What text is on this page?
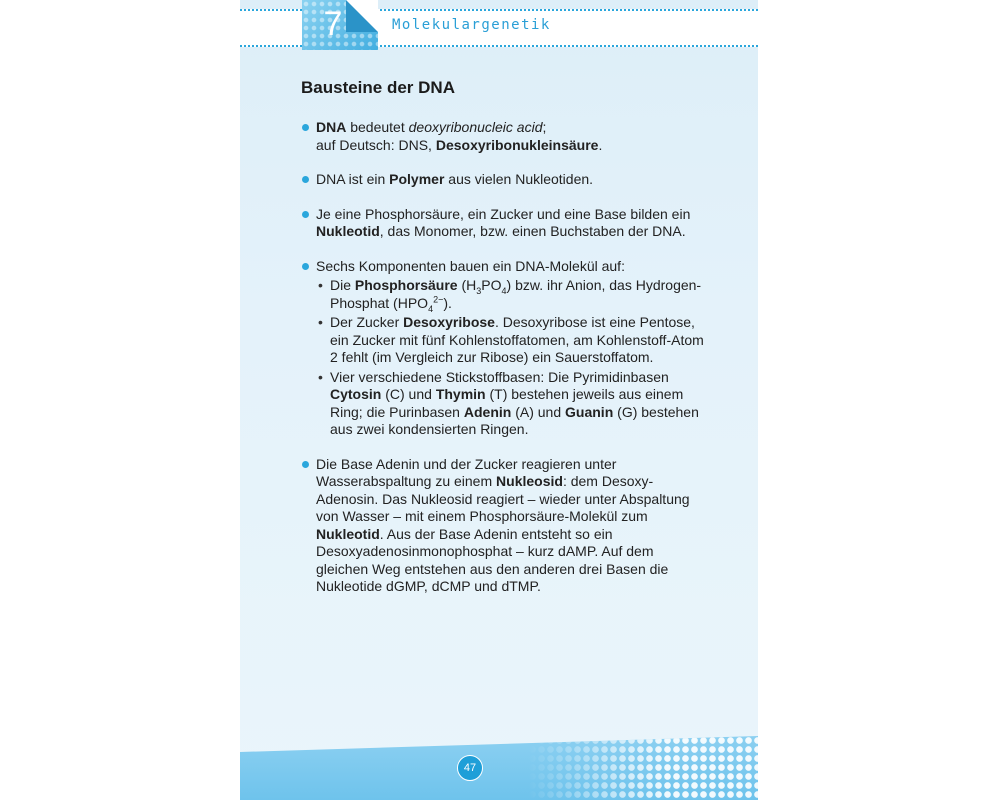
7	Molekulargenetik
Bausteine der DNA
DNA bedeutet deoxyribonucleic acid;
auf Deutsch: DNS, Desoxyribonukleinsäure.
DNA ist ein Polymer aus vielen Nukleotiden.
Je eine Phosphorsäure, ein Zucker und eine Base bilden ein Nukleotid, das Monomer, bzw. einen Buchstaben der DNA.
Sechs Komponenten bauen ein DNA-Molekül auf:
• Die Phosphorsäure $(H_3PO_4)$ bzw. ihr Anion, das Hydrogen-Phosphat $(HPO_4^{2-})$.
• Der Zucker Desoxyribose. Desoxyribose ist eine Pentose, ein Zucker mit fünf Kohlenstoffatomen, am Kohlenstoff-Atom 2 fehlt (im Vergleich zur Ribose) ein Sauerstoffatom.
• Vier verschiedene Stickstoffbasen: Die Pyrimidinbasen Cytosin (C) und Thymin (T) bestehen jeweils aus einem Ring; die Purinbasen Adenin (A) und Guanin (G) bestehen aus zwei kondensierten Ringen.
Die Base Adenin und der Zucker reagieren unter Wasserabspaltung zu einem Nukleosid: dem Desoxy-Adenosin. Das Nukleosid reagiert – wieder unter Abspaltung von Wasser – mit einem Phosphorsäure-Molekül zum Nukleotid. Aus der Base Adenin entsteht so ein Desoxyadenosinmonophosphat – kurz dAMP. Auf dem gleichen Weg entstehen aus den anderen drei Basen die Nukleotide dGMP, dCMP und dTMP.
Genetik	47
